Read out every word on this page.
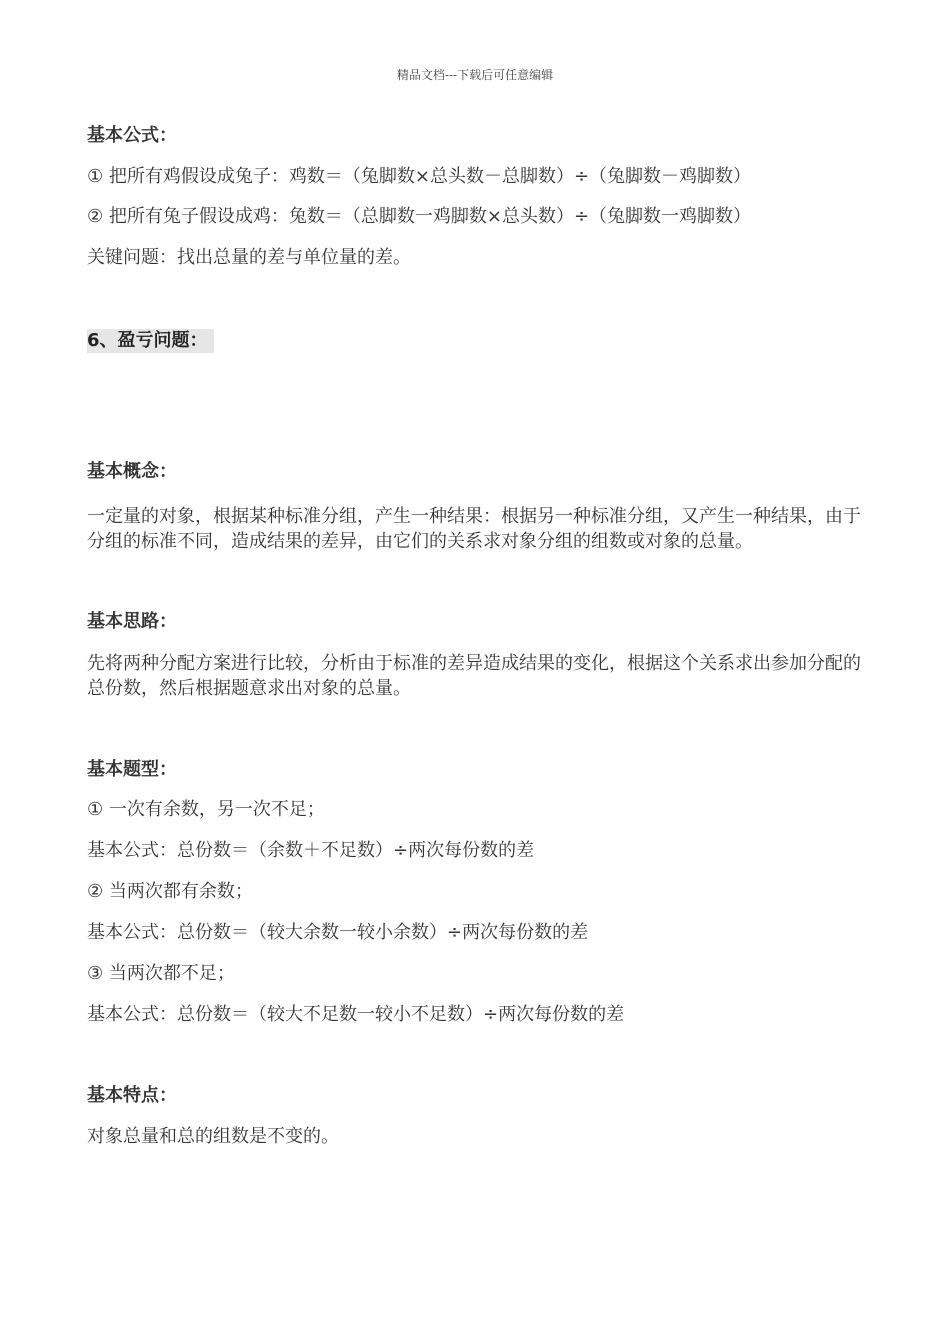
精品文档---下载后可任意编辑
基本公式：
① 把所有鸡假设成兔子：鸡数＝（兔脚数×总头数－总脚数）÷（兔脚数－鸡脚数）
② 把所有兔子假设成鸡：兔数＝（总脚数一鸡脚数×总头数）÷（兔脚数一鸡脚数）
关键问题：找出总量的差与单位量的差。
6、盈亏问题：
基本概念：
一定量的对象，根据某种标准分组，产生一种结果：根据另一种标准分组，又产生一种结果，由于分组的标准不同，造成结果的差异，由它们的关系求对象分组的组数或对象的总量。
基本思路：
先将两种分配方案进行比较，分析由于标准的差异造成结果的变化，根据这个关系求出参加分配的总份数，然后根据题意求出对象的总量。
基本题型：
① 一次有余数，另一次不足；
基本公式：总份数＝（余数＋不足数）÷两次每份数的差
② 当两次都有余数；
基本公式：总份数＝（较大余数一较小余数）÷两次每份数的差
③ 当两次都不足；
基本公式：总份数＝（较大不足数一较小不足数）÷两次每份数的差
基本特点：
对象总量和总的组数是不变的。
